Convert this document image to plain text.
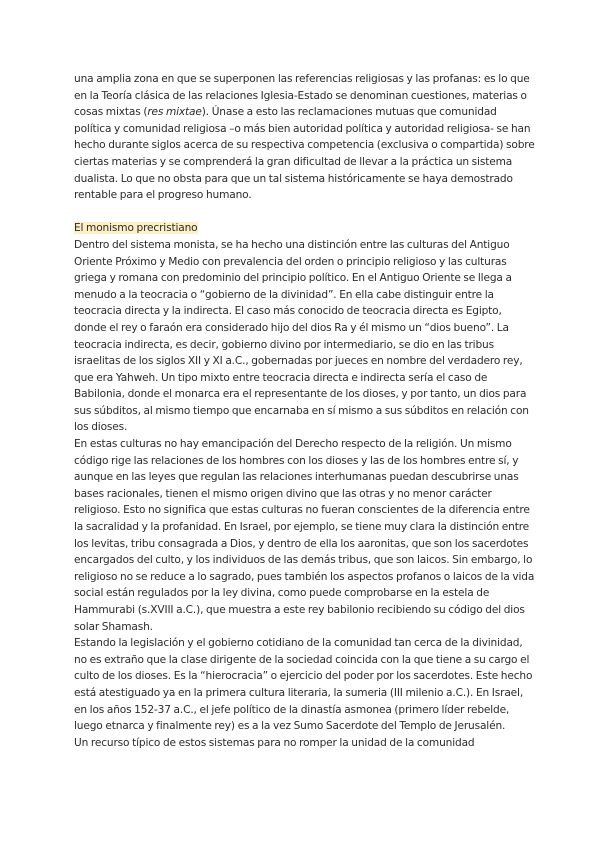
una amplia zona en que se superponen las referencias religiosas y las profanas: es lo que en la Teoría clásica de las relaciones Iglesia-Estado se denominan cuestiones, materias o cosas mixtas (res mixtae). Únase a esto las reclamaciones mutuas que comunidad política y comunidad religiosa –o más bien autoridad política y autoridad religiosa- se han hecho durante siglos acerca de su respectiva competencia (exclusiva o compartida) sobre ciertas materias y se comprenderá la gran dificultad de llevar a la práctica un sistema dualista. Lo que no obsta para que un tal sistema históricamente se haya demostrado rentable para el progreso humano.

El monismo precristiano

Dentro del sistema monista, se ha hecho una distinción entre las culturas del Antiguo Oriente Próximo y Medio con prevalencia del orden o principio religioso y las culturas griega y romana con predominio del principio político. En el Antiguo Oriente se llega a menudo a la teocracia o “gobierno de la divinidad”. En ella cabe distinguir entre la teocracia directa y la indirecta. El caso más conocido de teocracia directa es Egipto, donde el rey o faraón era considerado hijo del dios Ra y él mismo un “dios bueno”. La teocracia indirecta, es decir, gobierno divino por intermediario, se dio en las tribus israelitas de los siglos XII y XI a.C., gobernadas por jueces en nombre del verdadero rey, que era Yahweh. Un tipo mixto entre teocracia directa e indirecta sería el caso de Babilonia, donde el monarca era el representante de los dioses, y por tanto, un dios para sus súbditos, al mismo tiempo que encarnaba en sí mismo a sus súbditos en relación con los dioses.

En estas culturas no hay emancipación del Derecho respecto de la religión. Un mismo código rige las relaciones de los hombres con los dioses y las de los hombres entre sí, y aunque en las leyes que regulan las relaciones interhumanas puedan descubrirse unas bases racionales, tienen el mismo origen divino que las otras y no menor carácter religioso. Esto no significa que estas culturas no fueran conscientes de la diferencia entre la sacralidad y la profanidad. En Israel, por ejemplo, se tiene muy clara la distinción entre los levitas, tribu consagrada a Dios, y dentro de ella los aaronitas, que son los sacerdotes encargados del culto, y los individuos de las demás tribus, que son laicos. Sin embargo, lo religioso no se reduce a lo sagrado, pues también los aspectos profanos o laicos de la vida social están regulados por la ley divina, como puede comprobarse en la estela de Hammurabi (s.XVIII a.C.), que muestra a este rey babilonio recibiendo su código del dios solar Shamash.

Estando la legislación y el gobierno cotidiano de la comunidad tan cerca de la divinidad, no es extraño que la clase dirigente de la sociedad coincida con la que tiene a su cargo el culto de los dioses. Es la “hierocracia” o ejercicio del poder por los sacerdotes. Este hecho está atestiguado ya en la primera cultura literaria, la sumeria (III milenio a.C.). En Israel, en los años 152-37 a.C., el jefe político de la dinastía asmonea (primero líder rebelde, luego etnarca y finalmente rey) es a la vez Sumo Sacerdote del Templo de Jerusalén.

Un recurso típico de estos sistemas para no romper la unidad de la comunidad
